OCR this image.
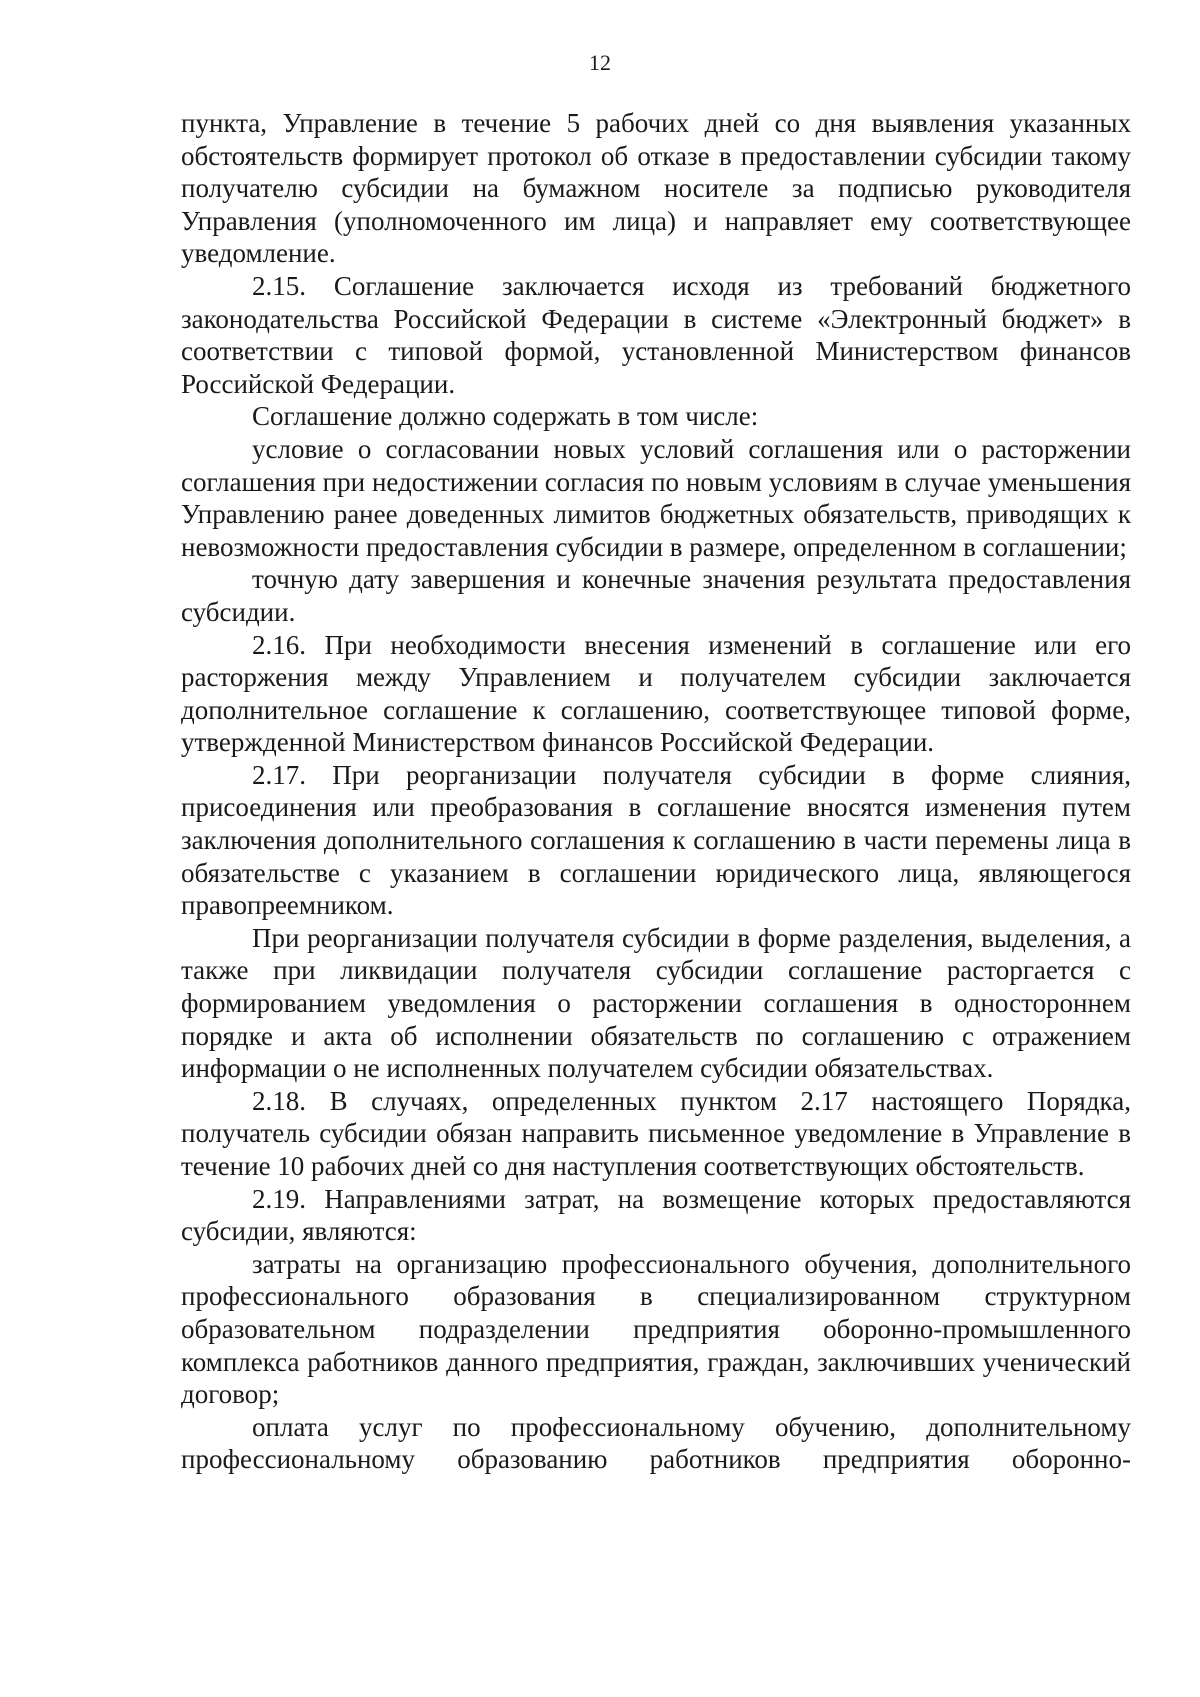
12

пункта, Управление в течение 5 рабочих дней со дня выявления указанных обстоятельств формирует протокол об отказе в предоставлении субсидии такому получателю субсидии на бумажном носителе за подписью руководителя Управления (уполномоченного им лица) и направляет ему соответствующее уведомление.

2.15. Соглашение заключается исходя из требований бюджетного законодательства Российской Федерации в системе «Электронный бюджет» в соответствии с типовой формой, установленной Министерством финансов Российской Федерации.

Соглашение должно содержать в том числе:

условие о согласовании новых условий соглашения или о расторжении соглашения при недостижении согласия по новым условиям в случае уменьшения Управлению ранее доведенных лимитов бюджетных обязательств, приводящих к невозможности предоставления субсидии в размере, определенном в соглашении;

точную дату завершения и конечные значения результата предоставления субсидии.

2.16. При необходимости внесения изменений в соглашение или его расторжения между Управлением и получателем субсидии заключается дополнительное соглашение к соглашению, соответствующее типовой форме, утвержденной Министерством финансов Российской Федерации.

2.17. При реорганизации получателя субсидии в форме слияния, присоединения или преобразования в соглашение вносятся изменения путем заключения дополнительного соглашения к соглашению в части перемены лица в обязательстве с указанием в соглашении юридического лица, являющегося правопреемником.

При реорганизации получателя субсидии в форме разделения, выделения, а также при ликвидации получателя субсидии соглашение расторгается с формированием уведомления о расторжении соглашения в одностороннем порядке и акта об исполнении обязательств по соглашению с отражением информации о не исполненных получателем субсидии обязательствах.

2.18. В случаях, определенных пунктом 2.17 настоящего Порядка, получатель субсидии обязан направить письменное уведомление в Управление в течение 10 рабочих дней со дня наступления соответствующих обстоятельств.

2.19. Направлениями затрат, на возмещение которых предоставляются субсидии, являются:

затраты на организацию профессионального обучения, дополнительного профессионального образования в специализированном структурном образовательном подразделении предприятия оборонно-промышленного комплекса работников данного предприятия, граждан, заключивших ученический договор;

оплата услуг по профессиональному обучению, дополнительному профессиональному образованию работников предприятия оборонно-
